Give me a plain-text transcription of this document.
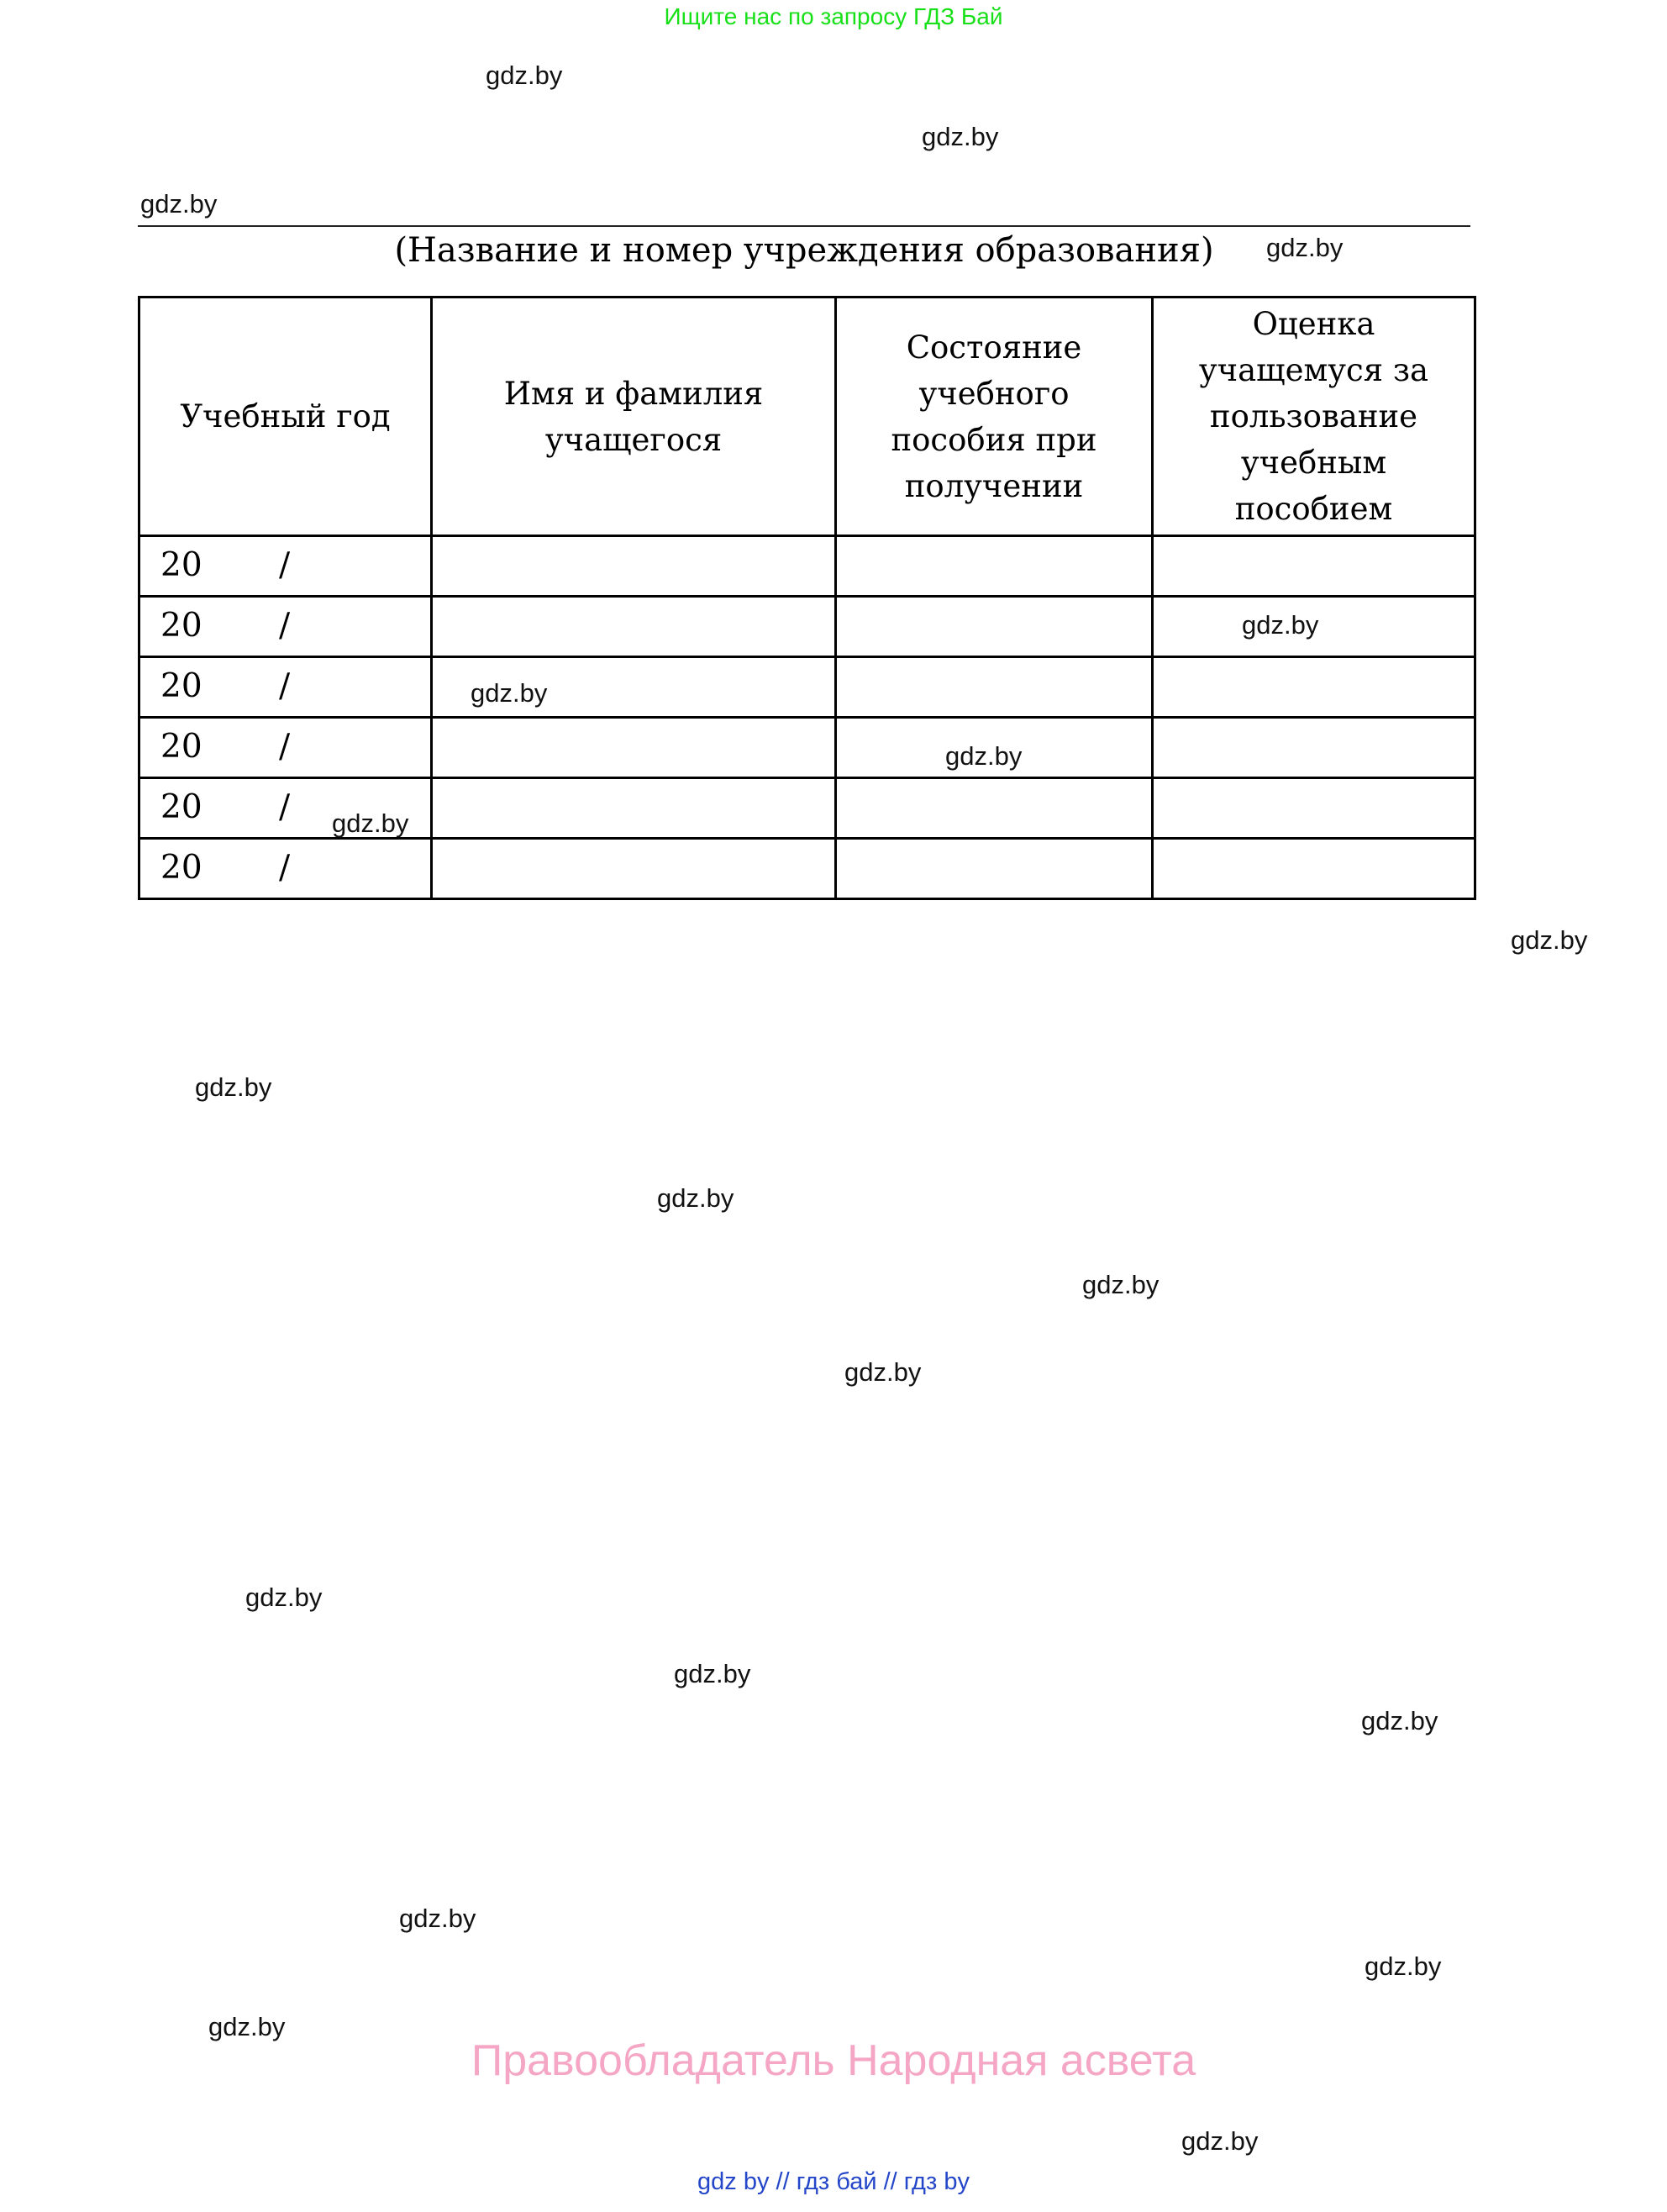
Ищите нас по запросу ГДЗ Бай
gdz.by
gdz.by
gdz.by
gdz.by
gdz.by
gdz.by
gdz.by
gdz.by
gdz.by
gdz.by
gdz.by
gdz.by
gdz.by
gdz.by
gdz.by
gdz.by
gdz.by
gdz.by
gdz.by
gdz.by
(Название и номер учреждения образования)
Учебный год	Имя и фамилия учащегося	Состояние учебного пособия при получении	Оценка учащемуся за пользование учебным пособием

20 /			

20 /			

20 /			

20 /			

20 /			

20 /			

Правообладатель Народная асвета
gdz by // гдз бай // гдз by
